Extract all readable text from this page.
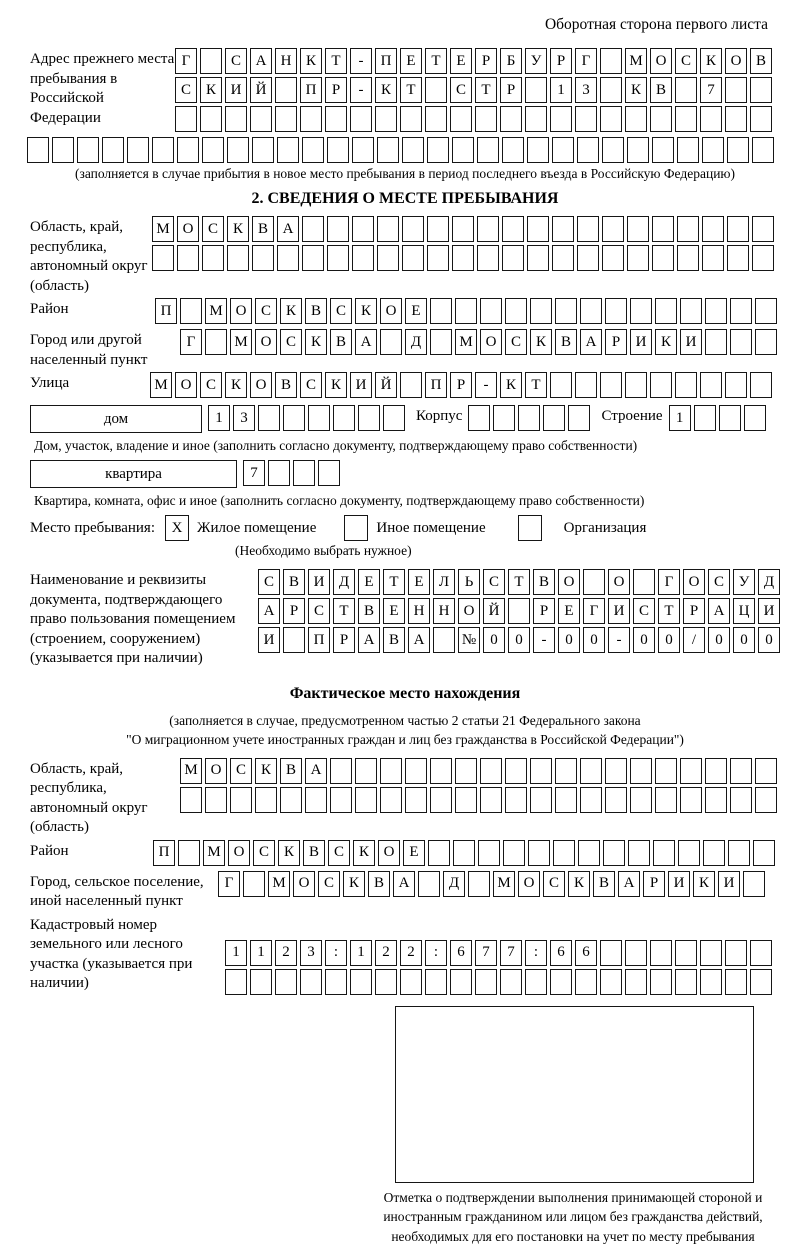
Оборотная сторона первого листа
Адрес прежнего места пребывания в Российской Федерации
Г	С А Н К	Т	-	П Е	Т	Е	Р	Б	У	Р	Г	М О С К О В
С К И Й	П	Р	-	К	Т	С	Т	Р	1	3	К В	7
(заполняется в случае прибытия в новое место пребывания в период последнего въезда в Российскую Федерацию)
2. СВЕДЕНИЯ О МЕСТЕ ПРЕБЫВАНИЯ
Область, край, республика, автономный округ (область)
М О С К В А
Район	П	М О С К В С К О Е
Город или другой населенный пункт
Г	М О С К В А	Д	М О С К В А	Р	И К И
Улица	М О С К О В С К И Й	П	Р	-	К	Т
дом	1	3	Корпус	Строение 1
Дом, участок, владение и иное (заполнить согласно документу, подтверждающему право собственности)
квартира	7
Квартира, комната, офис и иное (заполнить согласно документу, подтверждающему право собственности)
Место пребывания:	X Жилое помещение	Иное помещение	Организация
(Необходимо выбрать нужное)
Наименование и реквизиты документа, подтверждающего право пользования помещением (строением, сооружением) (указывается при наличии)
С В И Д	Е	Т	Е	Л	Ь	С	Т	В О	О	Г	О С У Д
А	Р	С	Т	В	Е	Н Н О Й	Р	Е	Г	И С	Т	Р	А Ц И
И	П	Р	А В А	№ 0	0	-	0	0	-	0	0	/	0	0	0
Фактическое место нахождения
(заполняется в случае, предусмотренном частью 2 статьи 21 Федерального закона
"О миграционном учете иностранных граждан и лиц без гражданства в Российской Федерации")
Область, край, республика, автономный округ (область)
М О С К В А
Район	П	М О С К В С К О Е
Город, сельское поселение, иной населенный пункт
Г	М О С К В А	Д	М О С К В А	Р	И К И
Кадастровый номер земельного или лесного участка (указывается при наличии)
1	1	2	3	:	1	2	2	:	6	7	7	:	6	6
Отметка о подтверждении выполнения принимающей стороной и иностранным гражданином или лицом без гражданства действий, необходимых для его постановки на учет по месту пребывания
